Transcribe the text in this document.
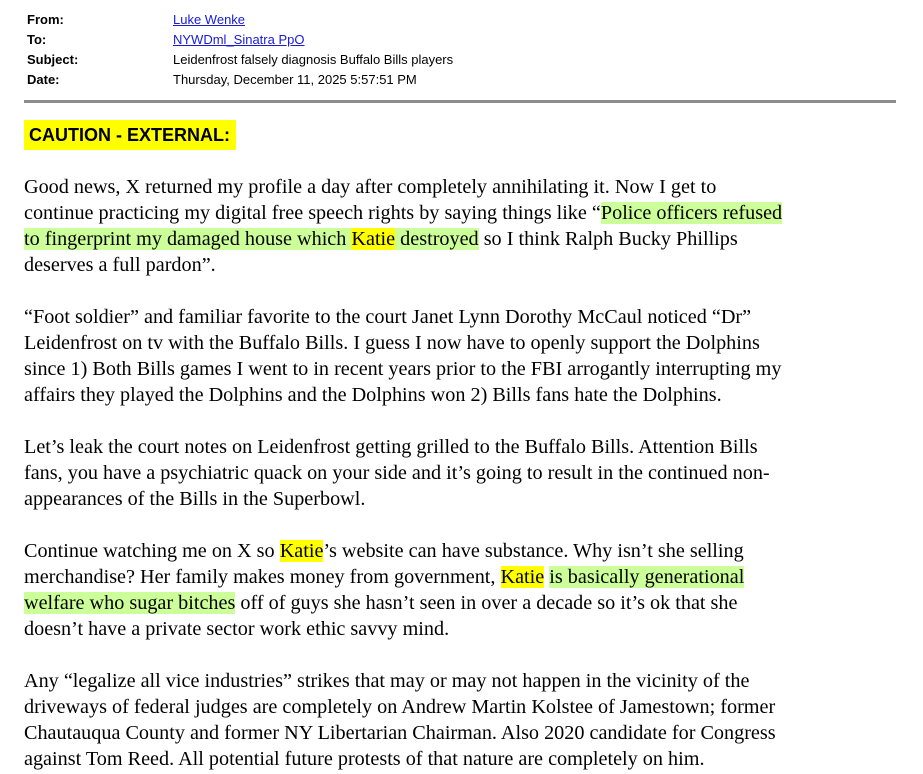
From:	Luke Wenke
To:	NYWDml_Sinatra PpO
Subject:	Leidenfrost falsely diagnosis Buffalo Bills players
Date:	Thursday, December 11, 2025 5:57:51 PM
CAUTION - EXTERNAL:

Good news, X returned my profile a day after completely annihilating it. Now I get to
continue practicing my digital free speech rights by saying things like “Police officers refused
to fingerprint my damaged house which Katie destroyed so I think Ralph Bucky Phillips
deserves a full pardon”.

“Foot soldier” and familiar favorite to the court Janet Lynn Dorothy McCaul noticed “Dr”
Leidenfrost on tv with the Buffalo Bills. I guess I now have to openly support the Dolphins
since 1) Both Bills games I went to in recent years prior to the FBI arrogantly interrupting my
affairs they played the Dolphins and the Dolphins won 2) Bills fans hate the Dolphins.

Let’s leak the court notes on Leidenfrost getting grilled to the Buffalo Bills. Attention Bills
fans, you have a psychiatric quack on your side and it’s going to result in the continued non-
appearances of the Bills in the Superbowl.

Continue watching me on X so Katie’s website can have substance. Why isn’t she selling
merchandise? Her family makes money from government, Katie is basically generational
welfare who sugar bitches off of guys she hasn’t seen in over a decade so it’s ok that she
doesn’t have a private sector work ethic savvy mind.

Any “legalize all vice industries” strikes that may or may not happen in the vicinity of the
driveways of federal judges are completely on Andrew Martin Kolstee of Jamestown; former
Chautauqua County and former NY Libertarian Chairman. Also 2020 candidate for Congress
against Tom Reed. All potential future protests of that nature are completely on him.
